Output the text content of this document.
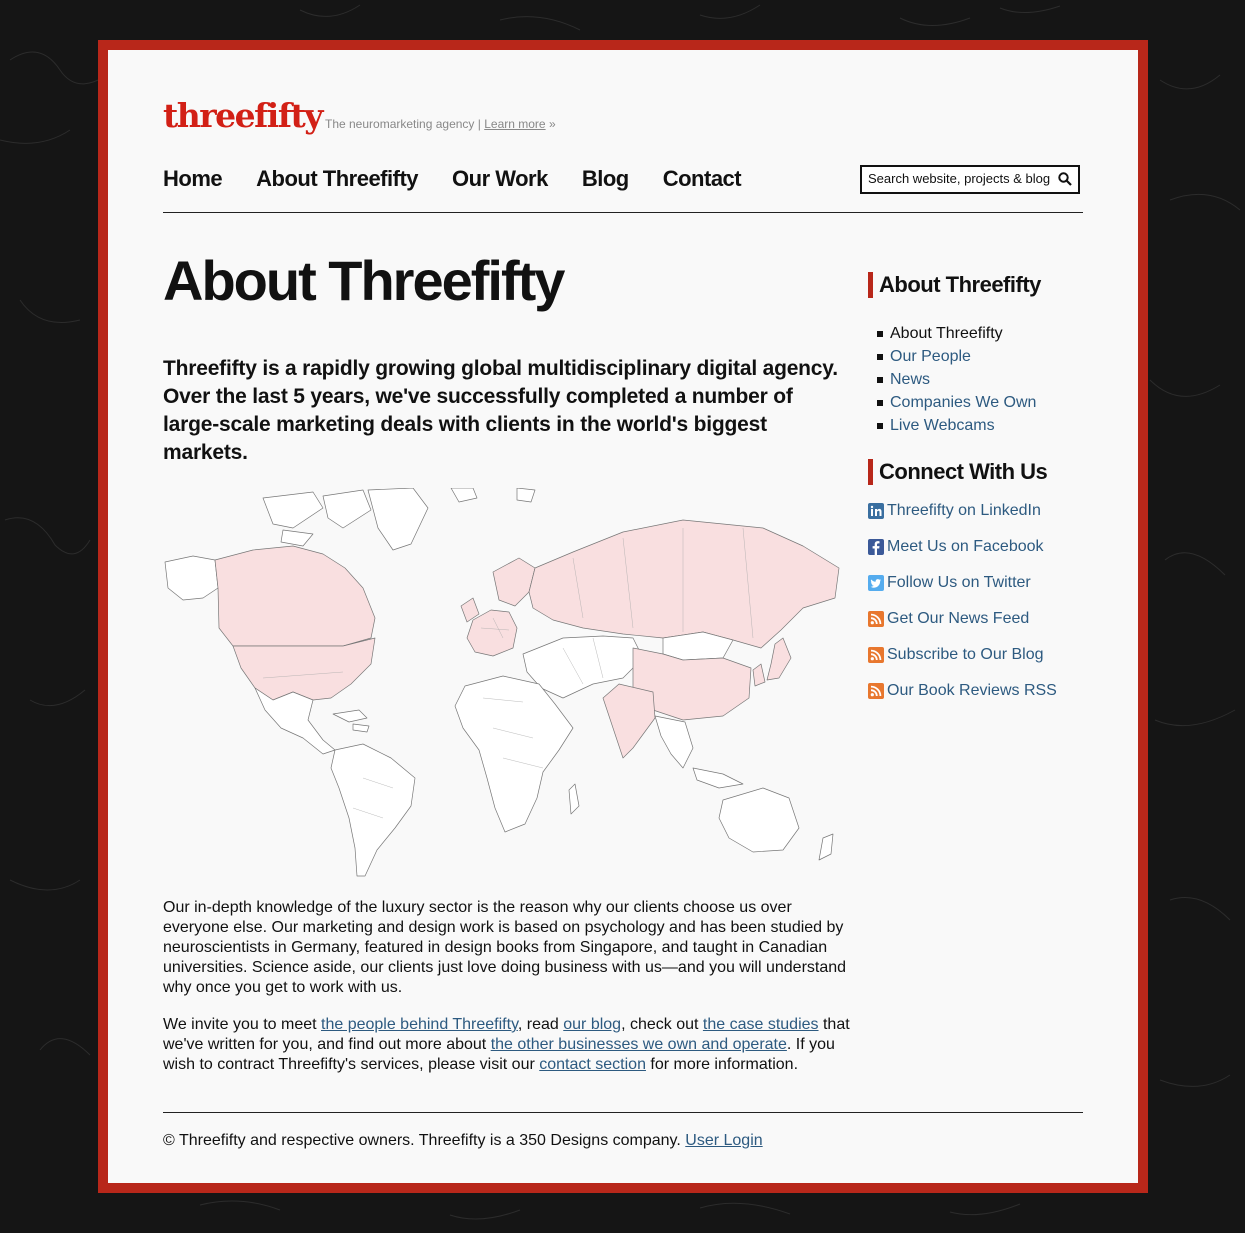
threefifty The neuromarketing agency | Learn more »
Home About Threefifty Our Work Blog Contact
Search website, projects & blog
About Threefifty

Threefifty is a rapidly growing global multidisciplinary digital agency. Over the last 5 years, we've successfully completed a number of large-scale marketing deals with clients in the world's biggest markets.

Our in-depth knowledge of the luxury sector is the reason why our clients choose us over everyone else. Our marketing and design work is based on psychology and has been studied by neuroscientists in Germany, featured in design books from Singapore, and taught in Canadian universities. Science aside, our clients just love doing business with us—and you will understand why once you get to work with us.

We invite you to meet the people behind Threefifty, read our blog, check out the case studies that we've written for you, and find out more about the other businesses we own and operate. If you wish to contract Threefifty's services, please visit our contact section for more information.

About Threefifty
About Threefifty
Our People
News
Companies We Own
Live Webcams
Connect With Us
Threefifty on LinkedIn
Meet Us on Facebook
Follow Us on Twitter
Get Our News Feed
Subscribe to Our Blog
Our Book Reviews RSS
© Threefifty and respective owners. Threefifty is a 350 Designs company. User Login
